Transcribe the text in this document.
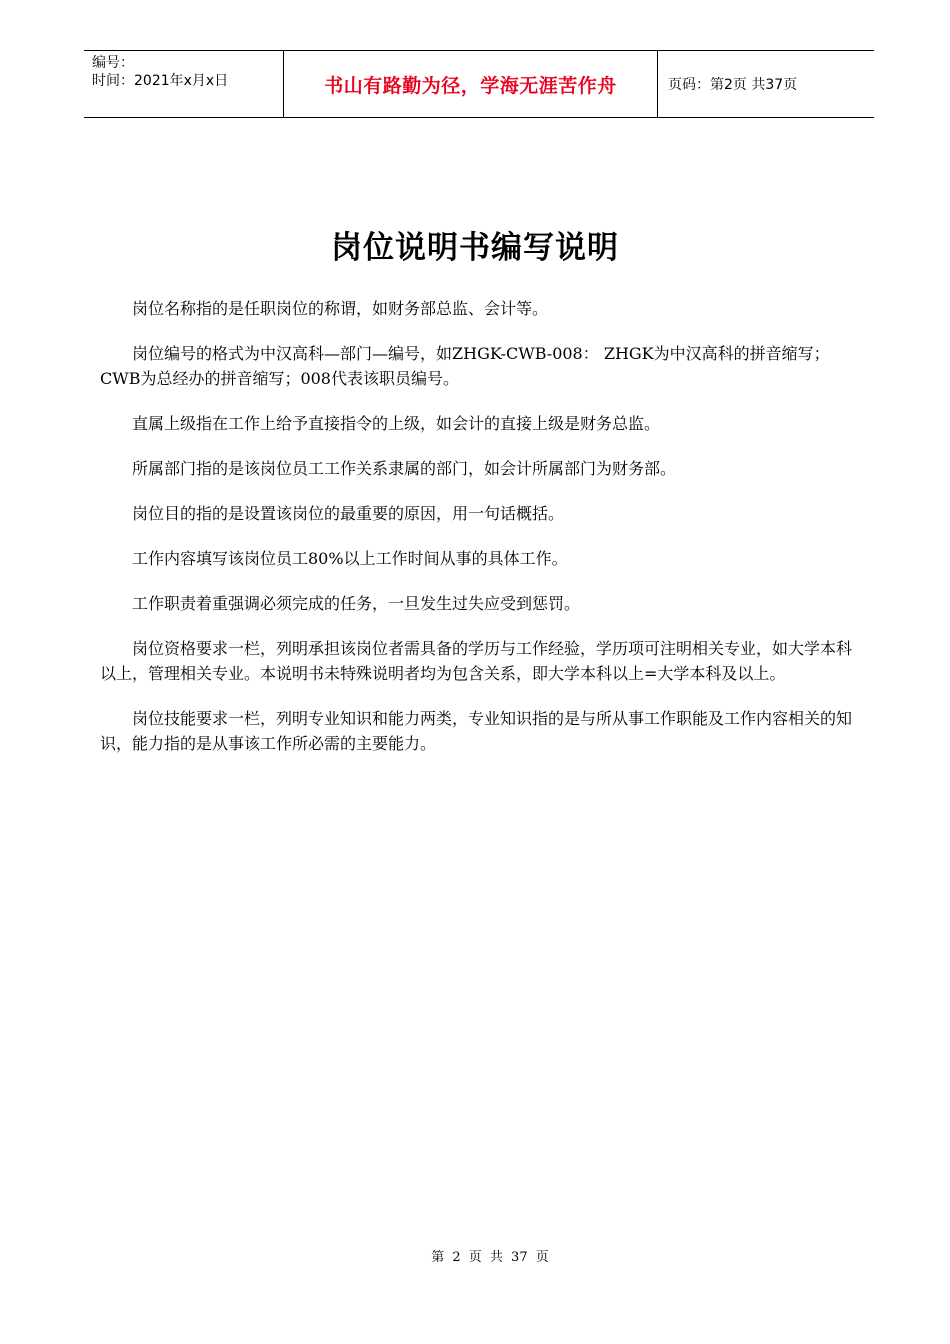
编号：
时间：2021年x月x日	书山有路勤为径，学海无涯苦作舟	页码：第2页 共37页
岗位说明书编写说明

岗位名称指的是任职岗位的称谓，如财务部总监、会计等。

岗位编号的格式为中汉高科—部门—编号，如ZHGK-CWB-008： ZHGK为中汉高科的拼音缩写；CWB为总经办的拼音缩写；008代表该职员编号。

直属上级指在工作上给予直接指令的上级，如会计的直接上级是财务总监。

所属部门指的是该岗位员工工作关系隶属的部门，如会计所属部门为财务部。

岗位目的指的是设置该岗位的最重要的原因，用一句话概括。

工作内容填写该岗位员工80%以上工作时间从事的具体工作。

工作职责着重强调必须完成的任务，一旦发生过失应受到惩罚。

岗位资格要求一栏，列明承担该岗位者需具备的学历与工作经验，学历项可注明相关专业，如大学本科以上，管理相关专业。本说明书未特殊说明者均为包含关系，即大学本科以上=大学本科及以上。

岗位技能要求一栏，列明专业知识和能力两类，专业知识指的是与所从事工作职能及工作内容相关的知识，能力指的是从事该工作所必需的主要能力。

第 2 页 共 37 页
